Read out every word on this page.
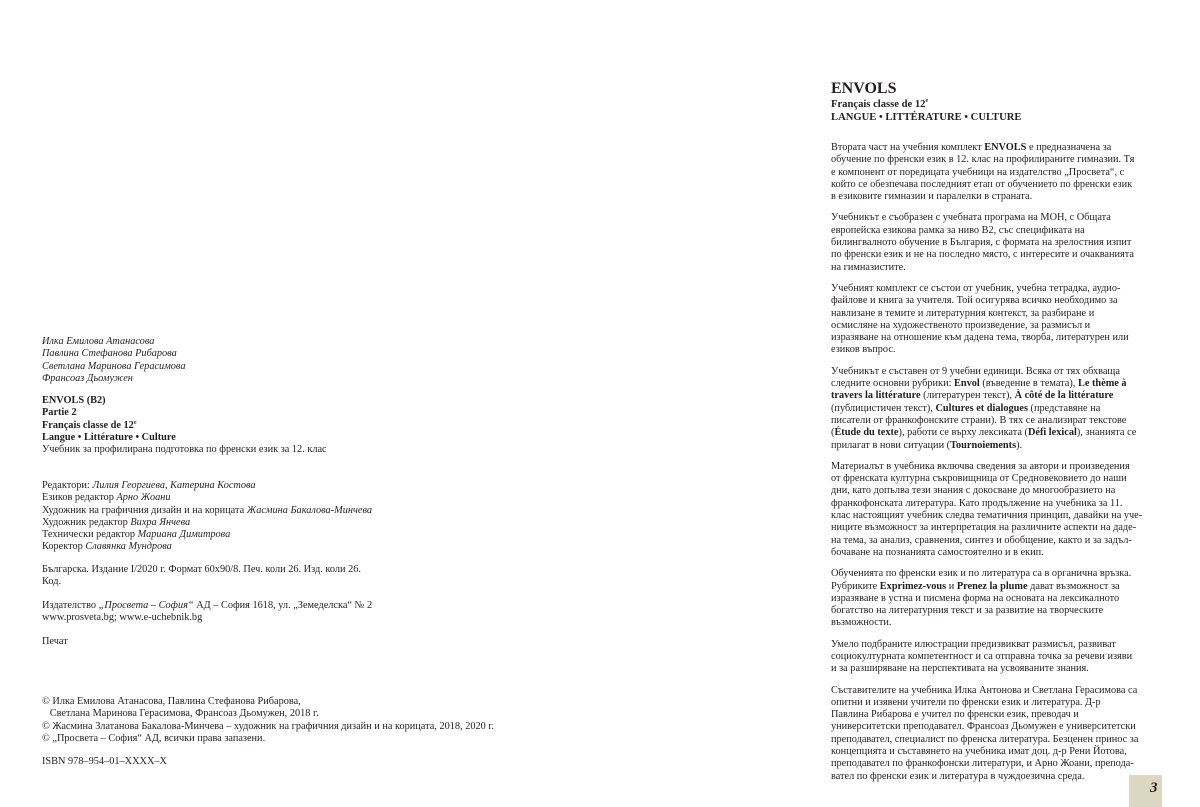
Илка Емилова Атанасова
Павлина Стефанова Рибарова
Светлана Маринова Герасимова
Франсоаз Дьомужен
ENVOLS (B2)
Partie 2
Français classe de 12e
Langue • Littérature • Culture
Учебник за профилирана подготовка по френски език за 12. клас
Редактори: Лилия Георгиева, Катерина Костова
Езиков редактор Арно Жоани
Художник на графичния дизайн и на корицата Жасмина Бакалова-Минчева
Художник редактор Вихра Янчева
Технически редактор Мариана Димитрова
Коректор Славянка Мундрова
Българска. Издание I/2020 г. Формат 60х90/8. Печ. коли 26. Изд. коли 26.
Код.
Издателство „Просвета – София“ АД – София 1618, ул. „Земеделска“ № 2
www.prosveta.bg; www.e-uchebnik.bg
Печат
© Илка Емилова Атанасова, Павлина Стефанова Рибарова,
Светлана Маринова Герасимова, Франсоаз Дьомужен, 2018 г.
© Жасмина Златанова Бакалова-Минчева – художник на графичния дизайн и на корицата, 2018, 2020 г.
© „Просвета – София“ АД, всички права запазени.
ISBN 978–954–01–XXXX–X
ENVOLS
Français classe de 12e
LANGUE • LITTÉRATURE • CULTURE
Втората част на учебния комплект ENVOLS е предназначена за
обучение по френски език в 12. клас на профилираните гимназии. Тя
е компонент от поредицата учебници на издателство „Просвета“, с
който се обезпечава последният етап от обучението по френски език
в езиковите гимназии и паралелки в страната.
Учебникът е съобразен с учебната програма на МОН, с Общата
европейска езикова рамка за ниво В2, със спецификата на
билингвалното обучение в България, с формата на зрелостния изпит
по френски език и не на последно място, с интересите и очакванията
на гимназистите.
Учебният комплект се състои от учебник, учебна тетрадка, аудио-
файлове и книга за учителя. Той осигурява всичко необходимо за
навлизане в темите и литературния контекст, за разбиране и
осмисляне на художественото произведение, за размисъл и
изразяване на отношение към дадена тема, творба, литературен или
езиков въпрос.
Учебникът е съставен от 9 учебни единици. Всяка от тях обхваща
следните основни рубрики: Envol (въведение в темата), Le thème à
travers la littérature (литературен текст), À côté de la littérature
(публицистичен текст), Cultures et dialogues (представяне на
писатели от франкофонските страни). В тях се анализират текстове
(Étude du texte), работи се върху лексиката (Défi lexical), знанията се
прилагат в нови ситуации (Tournoiements).
Материалът в учебника включва сведения за автори и произведения
от френската културна съкровищница от Средновековието до наши
дни, като допълва тези знания с докосване до многообразието на
франкофонската литература. Като продължение на учебника за 11.
клас настоящият учебник следва тематичния принцип, давайки на уче-
ниците възможност за интерпретация на различните аспекти на даде-
на тема, за анализ, сравнения, синтез и обобщение, както и за задъл-
бочаване на познанията самостоятелно и в екип.
Обученията по френски език и по литература са в органична връзка.
Рубриките Exprimez-vous и Prenez la plume дават възможност за
изразяване в устна и писмена форма на основата на лексикалното
богатство на литературния текст и за развитие на творческите
възможности.
Умело подбраните илюстрации предизвикват размисъл, развиват
социокултурната компетентност и са отправна точка за речеви изяви
и за разширяване на перспективата на усвояваните знания.
Съставителите на учебника Илка Антонова и Светлана Герасимова са
опитни и изявени учители по френски език и литература. Д-р
Павлина Рибарова е учител по френски език, преводач и
университетски преподавател. Франсоаз Дьомужен е университетски
преподавател, специалист по френска литература. Безценен принос за
концепцията и съставянето на учебника имат доц. д-р Рени Йотова,
преподавател по франкофонски литератури, и Арно Жоани, препода-
вател по френски език и литература в чуждоезична среда.
3
